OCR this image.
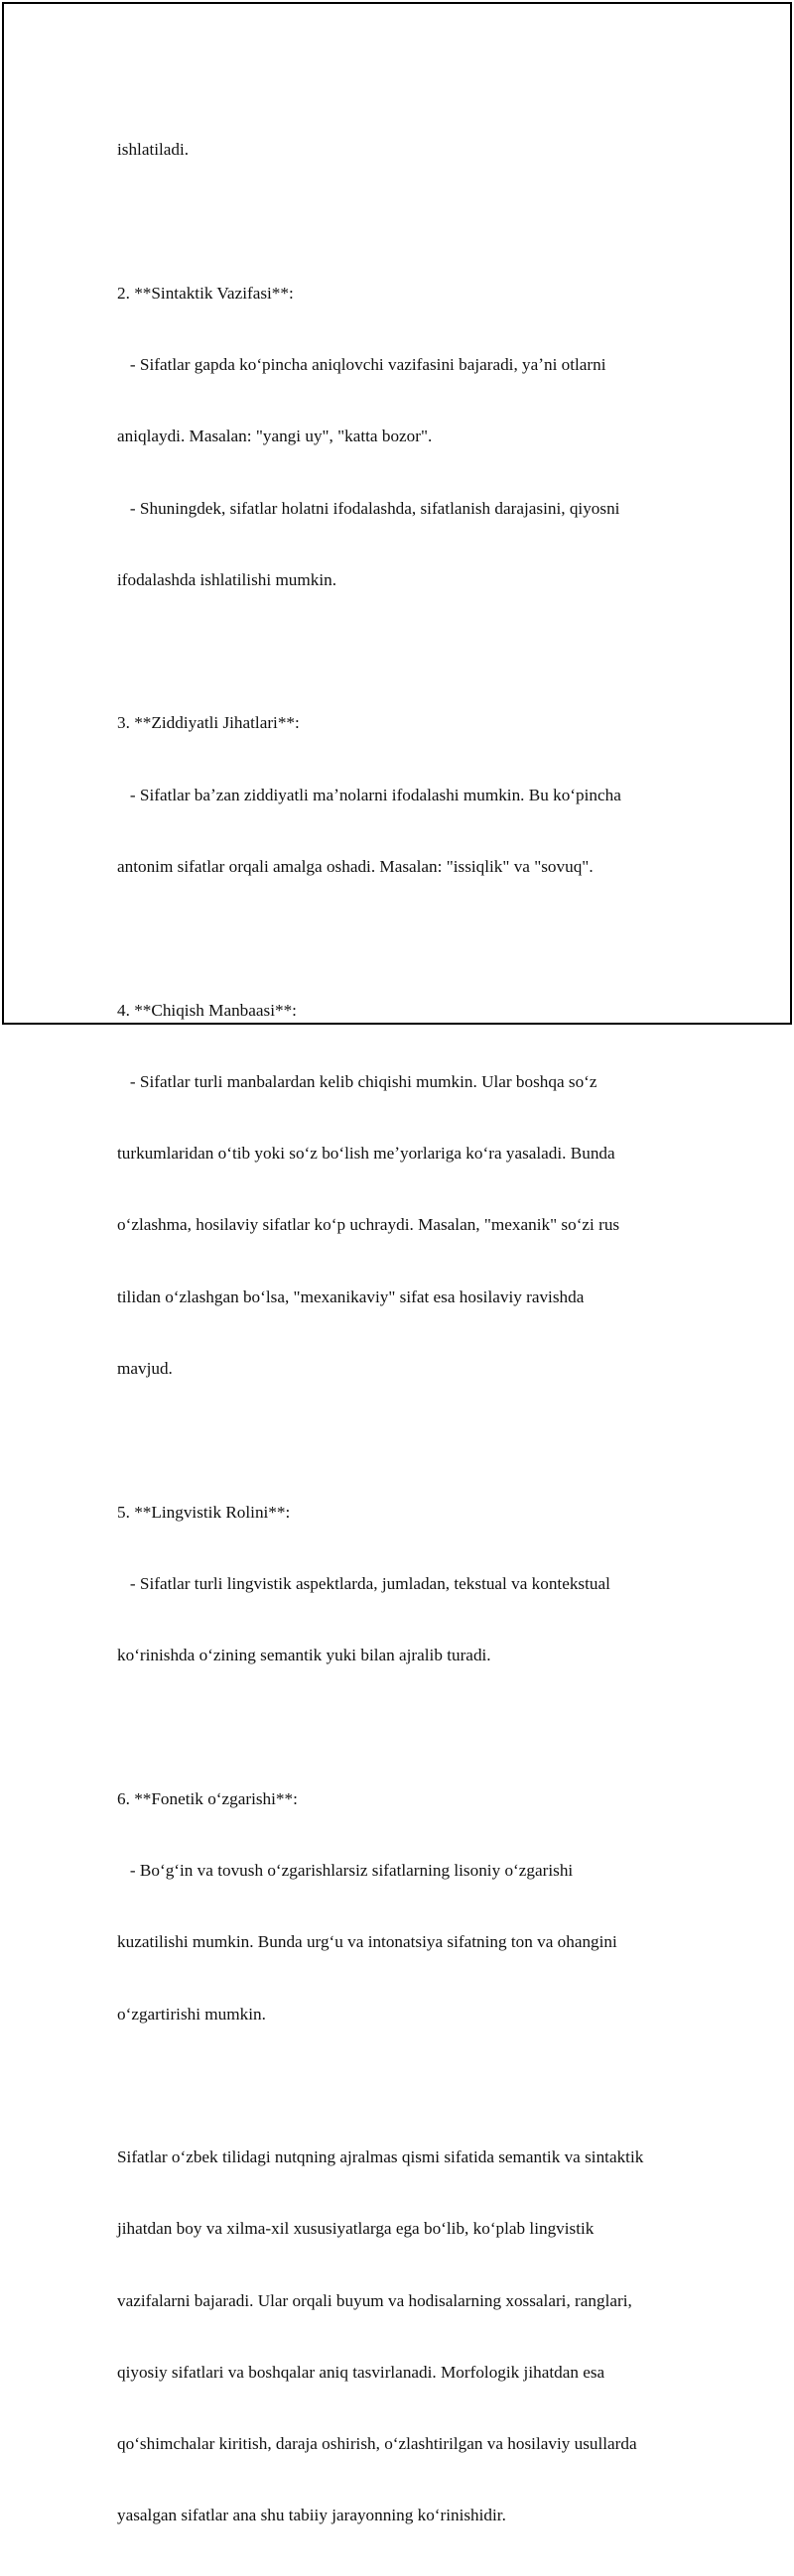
ishlatiladi.

2. **Sintaktik Vazifasi**:

- Sifatlar gapda koʻpincha aniqlovchi vazifasini bajaradi, yaʼni otlarni

aniqlaydi. Masalan: "yangi uy", "katta bozor".

- Shuningdek, sifatlar holatni ifodalashda, sifatlanish darajasini, qiyosni

ifodalashda ishlatilishi mumkin.

3. **Ziddiyatli Jihatlari**:

- Sifatlar baʼzan ziddiyatli maʼnolarni ifodalashi mumkin. Bu koʻpincha

antonim sifatlar orqali amalga oshadi. Masalan: "issiqlik" va "sovuq".

4. **Chiqish Manbaasi**:

- Sifatlar turli manbalardan kelib chiqishi mumkin. Ular boshqa soʻz

turkumlaridan oʻtib yoki soʻz boʻlish meʼyorlariga koʻra yasaladi. Bunda

oʻzlashma, hosilaviy sifatlar koʻp uchraydi. Masalan, "mexanik" soʻzi rus

tilidan oʻzlashgan boʻlsa, "mexanikaviy" sifat esa hosilaviy ravishda

mavjud.

5. **Lingvistik Rolini**:

- Sifatlar turli lingvistik aspektlarda, jumladan, tekstual va kontekstual

koʻrinishda oʻzining semantik yuki bilan ajralib turadi.

6. **Fonetik oʻzgarishi**:

- Boʻgʻin va tovush oʻzgarishlarsiz sifatlarning lisoniy oʻzgarishi

kuzatilishi mumkin. Bunda urgʻu va intonatsiya sifatning ton va ohangini

oʻzgartirishi mumkin.

Sifatlar oʻzbek tilidagi nutqning ajralmas qismi sifatida semantik va sintaktik

jihatdan boy va xilma-xil xususiyatlarga ega boʻlib, koʻplab lingvistik

vazifalarni bajaradi. Ular orqali buyum va hodisalarning xossalari, ranglari,

qiyosiy sifatlari va boshqalar aniq tasvirlanadi. Morfologik jihatdan esa

qoʻshimchalar kiritish, daraja oshirish, oʻzlashtirilgan va hosilaviy usullarda

yasalgan sifatlar ana shu tabiiy jarayonning koʻrinishidir.
